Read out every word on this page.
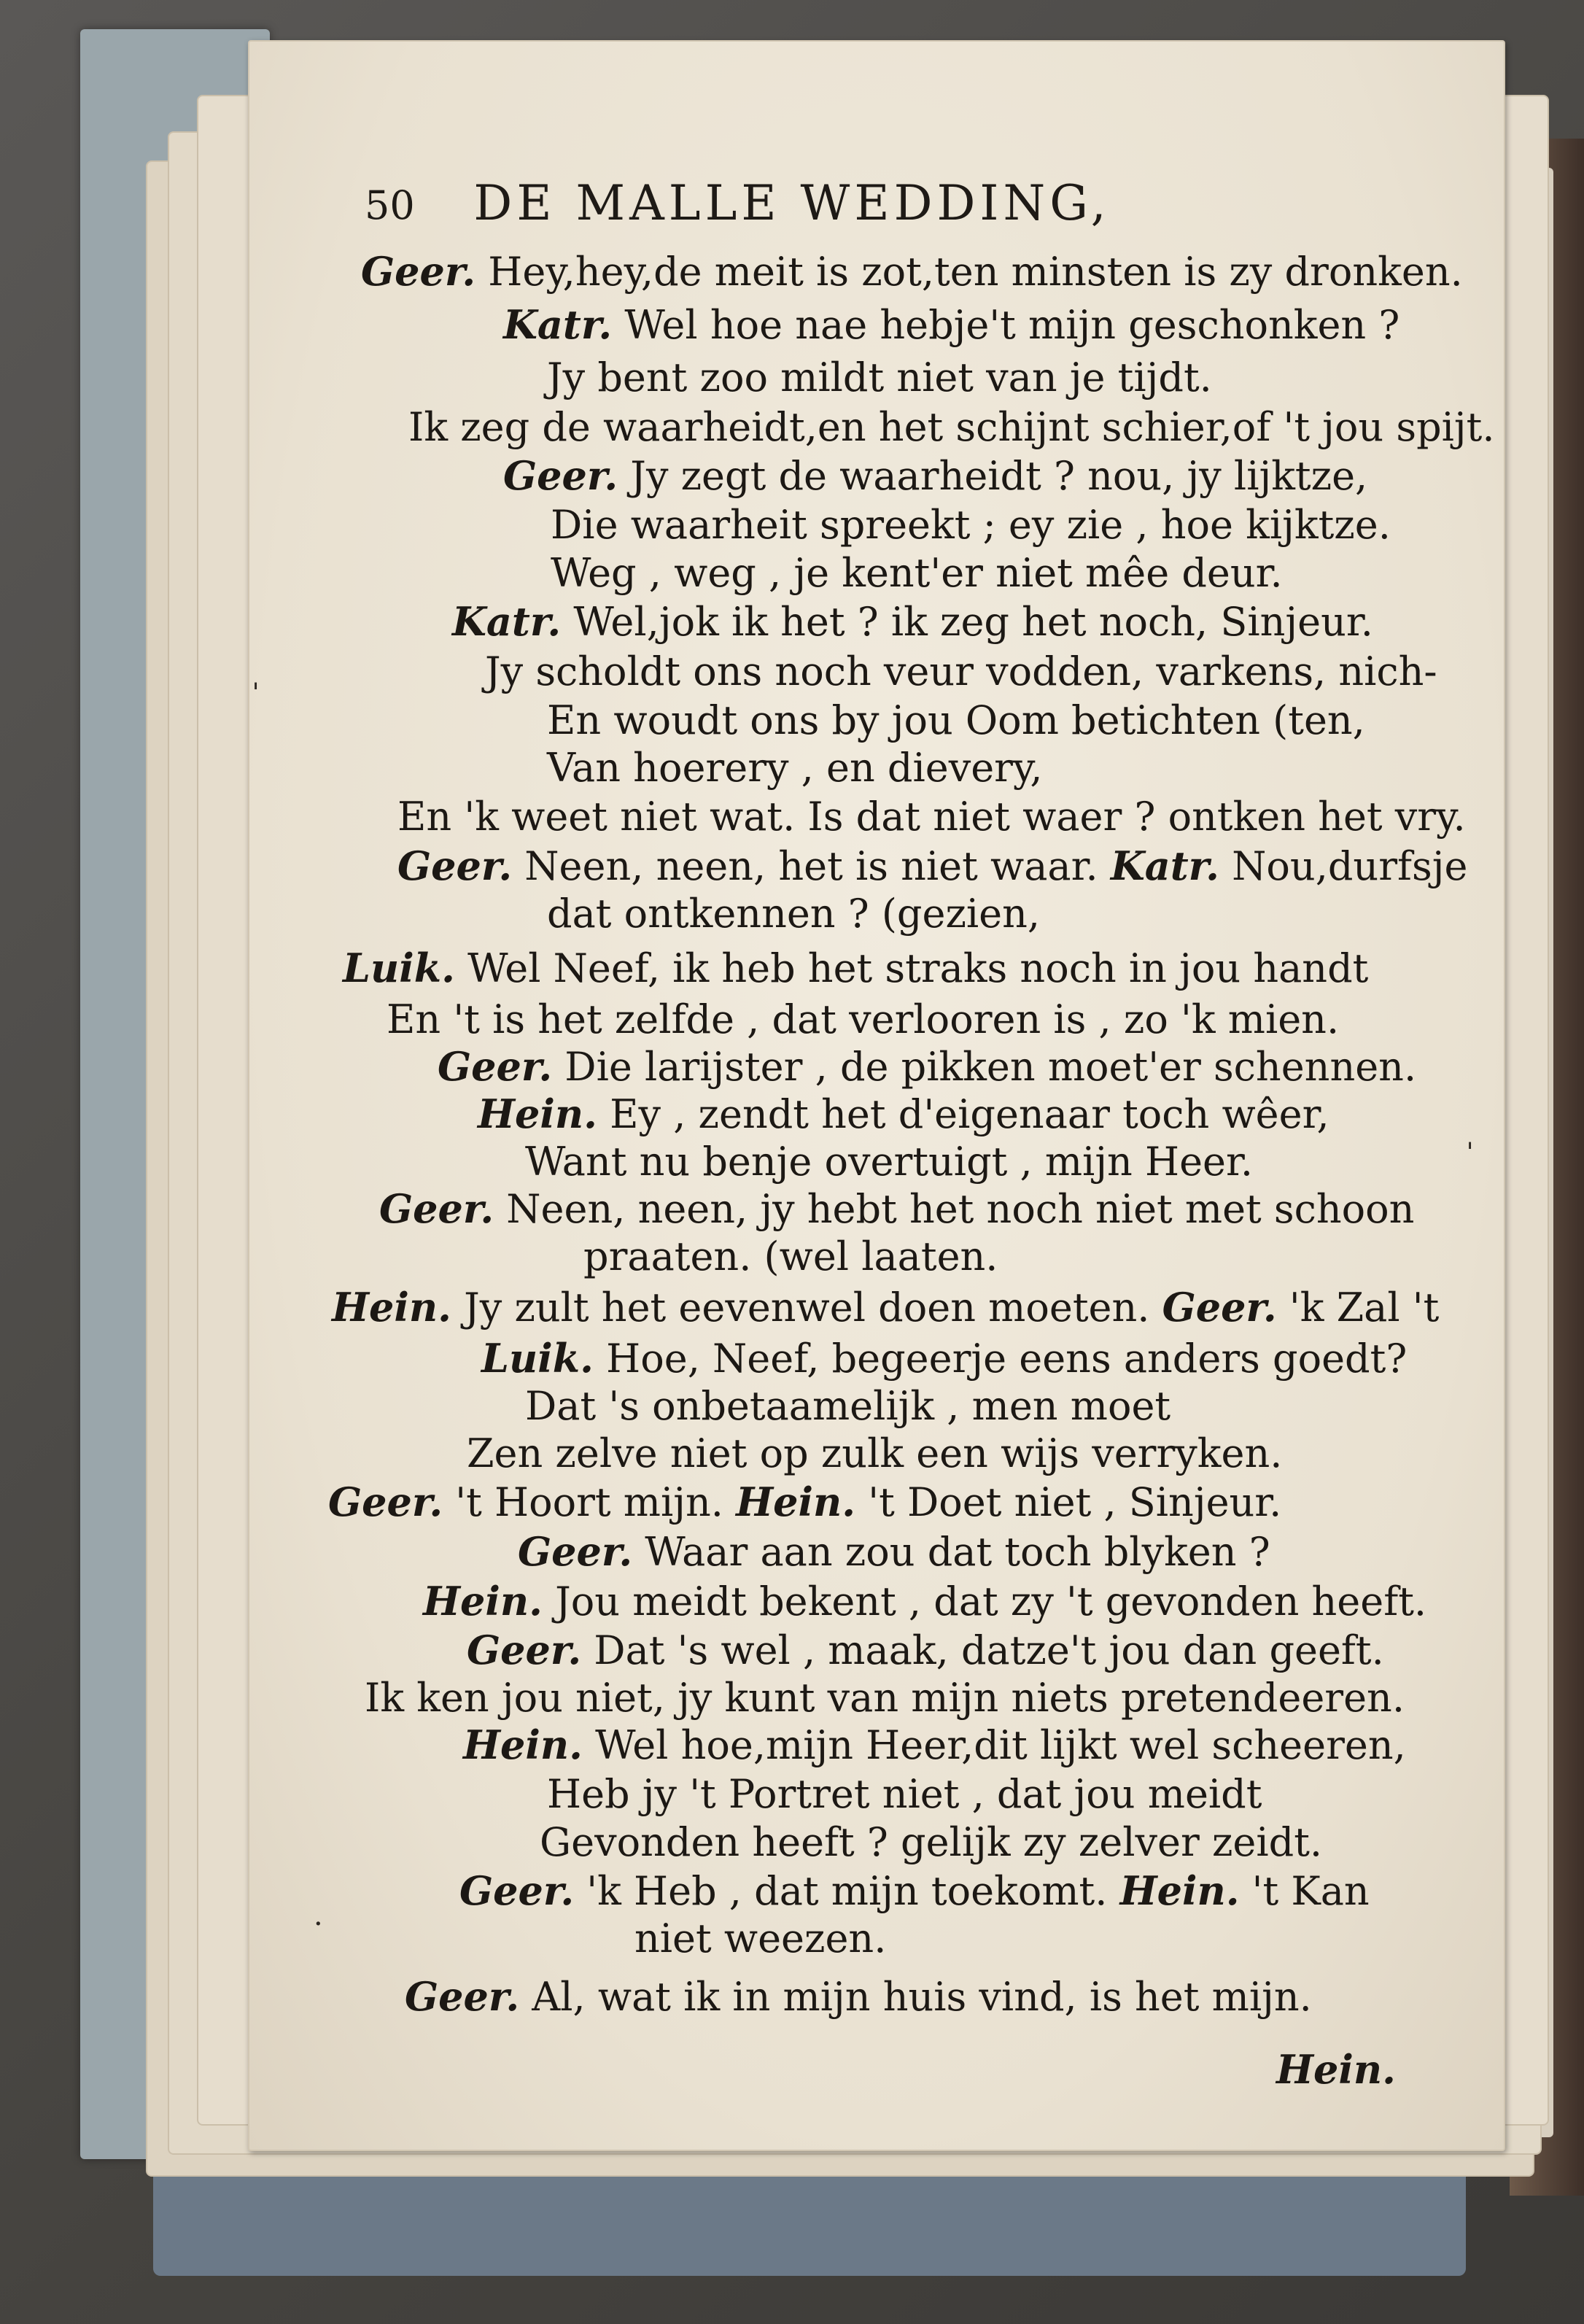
50	DE MALLE WEDDING,
Geer. Hey,hey,de meit is zot,ten minsten is zy dronken.
Katr. Wel hoe nae hebje't mijn geschonken ?
Jy bent zoo mildt niet van je tijdt.
Ik zeg de waarheidt,en het schijnt schier,of 't jou spijt.
Geer. Jy zegt de waarheidt ? nou, jy lijktze,
Die waarheit spreekt ; ey zie , hoe kijktze.
Weg , weg , je kent'er niet mêe deur.
Katr. Wel,jok ik het ? ik zeg het noch, Sinjeur.
Jy scholdt ons noch veur vodden, varkens, nich-
En woudt ons by jou Oom betichten (ten,
Van hoerery , en dievery,
En 'k weet niet wat. Is dat niet waer ? ontken het vry.
Geer. Neen, neen, het is niet waar. Katr. Nou,durfsje
dat ontkennen ? (gezien,
Luik. Wel Neef, ik heb het straks noch in jou handt
En 't is het zelfde , dat verlooren is , zo 'k mien.
Geer. Die larijster , de pikken moet'er schennen.
Hein. Ey , zendt het d'eigenaar toch wêer,
Want nu benje overtuigt , mijn Heer.
Geer. Neen, neen, jy hebt het noch niet met schoon
praaten. (wel laaten.
Hein. Jy zult het eevenwel doen moeten. Geer. 'k Zal 't
Luik. Hoe, Neef, begeerje eens anders goedt?
Dat 's onbetaamelijk , men moet
Zen zelve niet op zulk een wijs verryken.
Geer. 't Hoort mijn. Hein. 't Doet niet , Sinjeur.
Geer. Waar aan zou dat toch blyken ?
Hein. Jou meidt bekent , dat zy 't gevonden heeft.
Geer. Dat 's wel , maak, datze't jou dan geeft.
Ik ken jou niet, jy kunt van mijn niets pretendeeren.
Hein. Wel hoe,mijn Heer,dit lijkt wel scheeren,
Heb jy 't Portret niet , dat jou meidt
Gevonden heeft ? gelijk zy zelver zeidt.
Geer. 'k Heb , dat mijn toekomt. Hein. 't Kan
niet weezen.
Geer. Al, wat ik in mijn huis vind, is het mijn.
Hein.
ˈ
ˈ
·
